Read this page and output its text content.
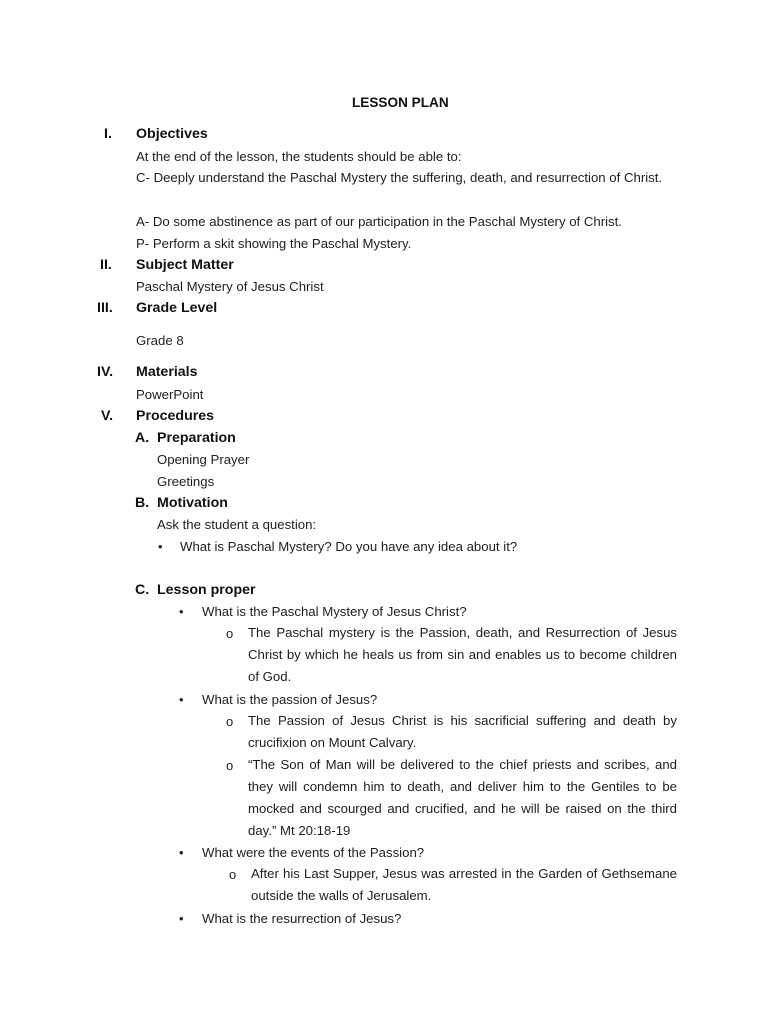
LESSON PLAN
I. Objectives
At the end of the lesson, the students should be able to:
C- Deeply understand the Paschal Mystery the suffering, death, and resurrection of Christ.
A- Do some abstinence as part of our participation in the Paschal Mystery of Christ.
P- Perform a skit showing the Paschal Mystery.
II. Subject Matter
Paschal Mystery of Jesus Christ
III. Grade Level
Grade 8
IV. Materials
PowerPoint
V. Procedures
A. Preparation
Opening Prayer
Greetings
B. Motivation
Ask the student a question:
• What is Paschal Mystery? Do you have any idea about it?
C. Lesson proper
• What is the Paschal Mystery of Jesus Christ?
o The Paschal mystery is the Passion, death, and Resurrection of Jesus Christ by which he heals us from sin and enables us to become children of God.
• What is the passion of Jesus?
o The Passion of Jesus Christ is his sacrificial suffering and death by crucifixion on Mount Calvary.
o “The Son of Man will be delivered to the chief priests and scribes, and they will condemn him to death, and deliver him to the Gentiles to be mocked and scourged and crucified, and he will be raised on the third day.” Mt 20:18-19
• What were the events of the Passion?
o After his Last Supper, Jesus was arrested in the Garden of Gethsemane outside the walls of Jerusalem.
• What is the resurrection of Jesus?
